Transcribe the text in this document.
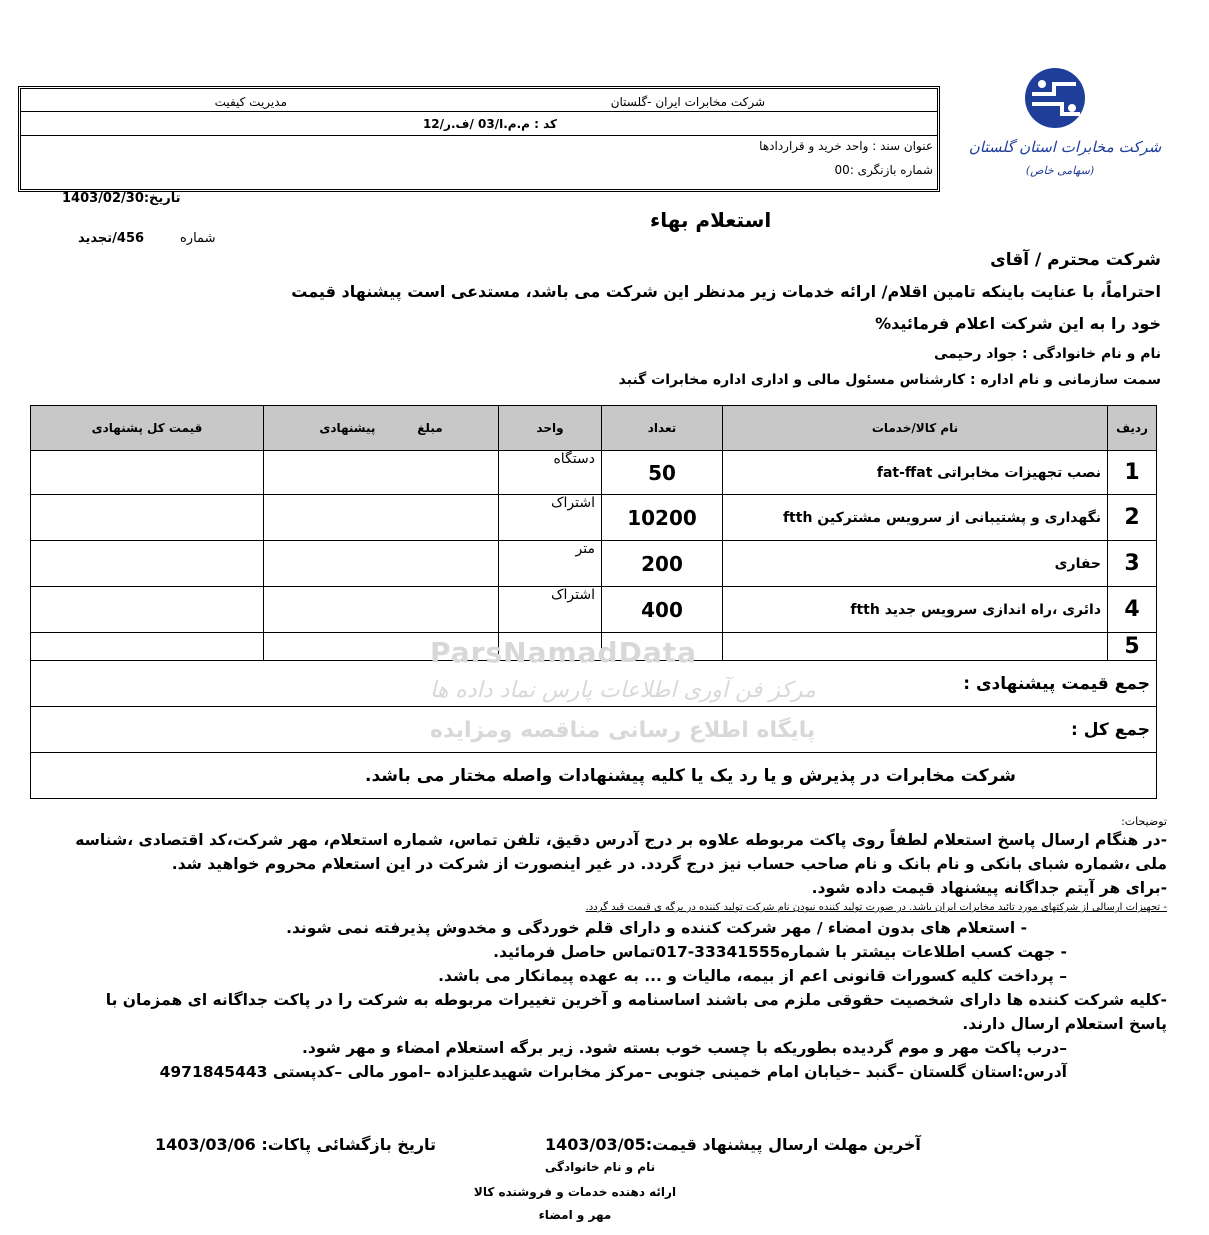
شرکت مخابرات ایران -گلستان
مدیریت کیفیت
کد : م.م.ا/03 /ف.ر/12
عنوان سند : واحد خرید و قراردادها
شماره بازنگری :00
شرکت مخابرات استان گلستان
(سهامی خاص)
تاریخ:1403/02/30
شماره
456/تجدید
استعلام بهاء
شرکت محترم / آقای
احتراماً، با عنایت باینکه تامین اقلام/ ارائه خدمات زیر مدنظر این شرکت می باشد، مستدعی است پیشنهاد قیمت
خود را به این شرکت اعلام فرمائید%
نام و نام خانوادگی : جواد رحیمی
سمت سازمانی و نام اداره : کارشناس مسئول مالی و اداری اداره مخابرات گنبد
ردیف	نام کالا/خدمات	تعداد	واحد	مبلغ          پیشنهادی	قیمت کل پشنهادی
1	نصب تجهیزات مخابراتی fat-ffat	50	دستگاه		
2	نگهداری و پشتیبانی از سرویس مشترکین ftth	10200	اشتراک		
3	حفاری	200	متر		
4	دائری ،راه اندازی سرویس جدید ftth	400	اشتراک		
5					
جمع قیمت پیشنهادی :					
جمع کل :					
شرکت مخابرات در پذیرش و یا رد یک یا کلیه پیشنهادات واصله مختار می باشد.					
ParsNamadData
مرکز فن آوری اطلاعات پارس نماد داده ها
پایگاه اطلاع رسانی مناقصه ومزایده

توضیحات:

-در هنگام ارسال پاسخ استعلام لطفاً روی پاکت مربوطه علاوه بر درج آدرس دقیق، تلفن تماس، شماره استعلام، مهر شرکت،کد اقتصادی ،شناسه

ملی ،شماره شبای بانکی و نام بانک و نام صاحب حساب نیز درج گردد. در غیر اینصورت از شرکت در این استعلام محروم خواهید شد.

-برای هر آیتم جداگانه پیشنهاد قیمت داده شود.

- تجهیزات ارسالی از شرکتهای مورد تائید مخابرات ایران باشد. در صورت تولید کننده نبودن نام شرکت تولید کننده در برگه ی قیمت قید گردد.

- استعلام های بدون امضاء / مهر شرکت کننده و دارای قلم خوردگی و مخدوش پذیرفته نمی شوند.

- جهت کسب اطلاعات بیشتر با شماره33341555-017تماس حاصل فرمائید.

– پرداخت کلیه کسورات قانونی اعم از بیمه، مالیات و ... به عهده پیمانکار می باشد.

-کلیه شرکت کننده ها دارای شخصیت حقوقی ملزم می باشند اساسنامه و آخرین تغییرات مربوطه به شرکت را در پاکت جداگانه ای همزمان با

پاسخ استعلام ارسال دارند.

–درب پاکت مهر و موم گردیده بطوریکه با چسب خوب بسته شود. زیر برگه استعلام امضاء و مهر شود.

آدرس:استان گلستان –گنبد –خیابان امام خمینی جنوبی –مرکز مخابرات شهیدعلیزاده –امور مالی –کدپستی 4971845443

آخرین مهلت ارسال پیشنهاد قیمت:1403/03/05
تاریخ بازگشائی پاکات: 1403/03/06
نام و نام خانوادگی
ارائه دهنده خدمات و فروشنده کالا
مهر و امضاء
